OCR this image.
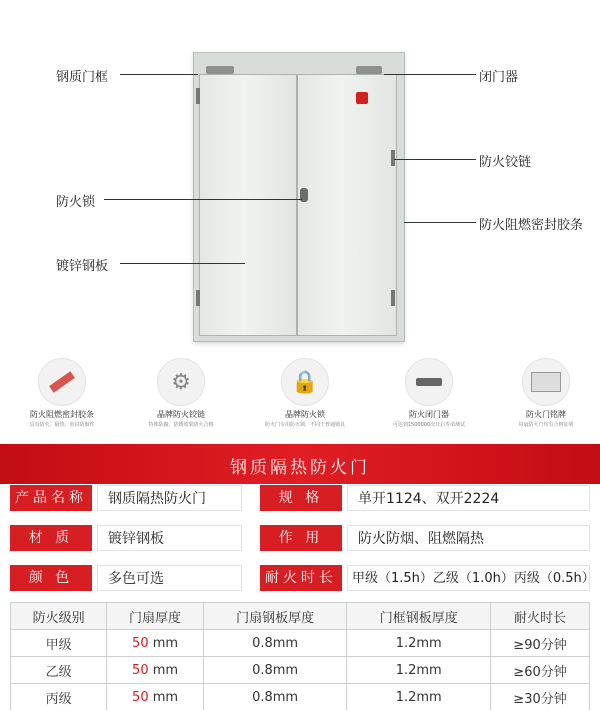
钢质门框
防火锁
镀锌钢板
闭门器
防火铰链
防火阻燃密封胶条
防火阻燃密封胶条
具有防火、隔热、密封防烟性
⚙
晶牌防火铰链
特殊防腐，防锈效果防火合格
🔒
晶牌防火锁
防火门专用防火锁，不同于普通锁具
防火闭门器
可达到1500000次开启寿命测试
防火门铭牌
每扇防火门均有合格证明
钢质隔热防火门
产品名称	钢质隔热防火门	规 格	单开1124、双开2224
材 质	镀锌钢板	作 用	防火防烟、阻燃隔热
颜 色	多色可选	耐火时长	甲级（1.5h）乙级（1.0h）丙级（0.5h）
防火级别	门扇厚度	门扇钢板厚度	门框钢板厚度	耐火时长
甲级	50 mm	0.8mm	1.2mm	≥90分钟
乙级	50 mm	0.8mm	1.2mm	≥60分钟
丙级	50 mm	0.8mm	1.2mm	≥30分钟
